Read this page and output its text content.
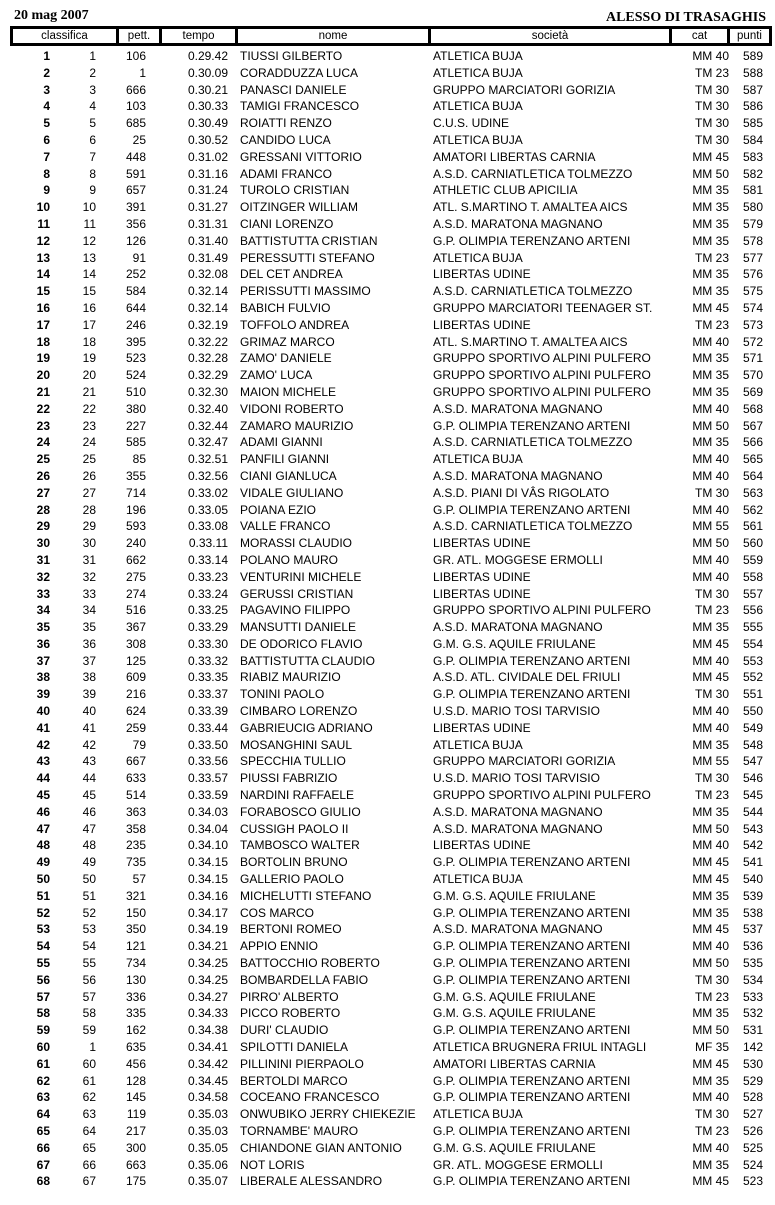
20 mag 2007	ALESSO DI TRASAGHIS
classifica	pett.	tempo	nome	società	cat	punti
1	1	106	0.29.42 TIUSSI GILBERTO	ATLETICA BUJA	MM 40	589
2	2	1	0.30.09 CORADDUZZA LUCA	ATLETICA BUJA	TM 23	588
3	3	666	0.30.21 PANASCI DANIELE	GRUPPO MARCIATORI GORIZIA	TM 30	587
4	4	103	0.30.33 TAMIGI FRANCESCO	ATLETICA BUJA	TM 30	586
5	5	685	0.30.49 ROIATTI RENZO	C.U.S. UDINE	TM 30	585
6	6	25	0.30.52 CANDIDO LUCA	ATLETICA BUJA	TM 30	584
7	7	448	0.31.02 GRESSANI VITTORIO	AMATORI LIBERTAS CARNIA	MM 45	583
8	8	591	0.31.16 ADAMI FRANCO	A.S.D. CARNIATLETICA TOLMEZZO	MM 50	582
9	9	657	0.31.24 TUROLO CRISTIAN	ATHLETIC CLUB APICILIA	MM 35	581
10	10	391	0.31.27 OITZINGER WILLIAM	ATL. S.MARTINO T. AMALTEA AICS	MM 35	580
11	11	356	0.31.31 CIANI LORENZO	A.S.D. MARATONA MAGNANO	MM 35	579
12	12	126	0.31.40 BATTISTUTTA CRISTIAN	G.P. OLIMPIA TERENZANO ARTENI	MM 35	578
13	13	91	0.31.49 PERESSUTTI STEFANO	ATLETICA BUJA	TM 23	577
14	14	252	0.32.08 DEL CET ANDREA	LIBERTAS UDINE	MM 35	576
15	15	584	0.32.14 PERISSUTTI MASSIMO	A.S.D. CARNIATLETICA TOLMEZZO	MM 35	575
16	16	644	0.32.14 BABICH FULVIO	GRUPPO MARCIATORI TEENAGER ST.	MM 45	574
17	17	246	0.32.19 TOFFOLO ANDREA	LIBERTAS UDINE	TM 23	573
18	18	395	0.32.22 GRIMAZ MARCO	ATL. S.MARTINO T. AMALTEA AICS	MM 40	572
19	19	523	0.32.28 ZAMO' DANIELE	GRUPPO SPORTIVO ALPINI PULFERO	MM 35	571
20	20	524	0.32.29 ZAMO' LUCA	GRUPPO SPORTIVO ALPINI PULFERO	MM 35	570
21	21	510	0.32.30 MAION MICHELE	GRUPPO SPORTIVO ALPINI PULFERO	MM 35	569
22	22	380	0.32.40 VIDONI ROBERTO	A.S.D. MARATONA MAGNANO	MM 40	568
23	23	227	0.32.44 ZAMARO MAURIZIO	G.P. OLIMPIA TERENZANO ARTENI	MM 50	567
24	24	585	0.32.47 ADAMI GIANNI	A.S.D. CARNIATLETICA TOLMEZZO	MM 35	566
25	25	85	0.32.51 PANFILI GIANNI	ATLETICA BUJA	MM 40	565
26	26	355	0.32.56 CIANI GIANLUCA	A.S.D. MARATONA MAGNANO	MM 40	564
27	27	714	0.33.02 VIDALE GIULIANO	A.S.D. PIANI DI VÂS RIGOLATO	TM 30	563
28	28	196	0.33.05 POIANA EZIO	G.P. OLIMPIA TERENZANO ARTENI	MM 40	562
29	29	593	0.33.08 VALLE FRANCO	A.S.D. CARNIATLETICA TOLMEZZO	MM 55	561
30	30	240	0.33.11 MORASSI CLAUDIO	LIBERTAS UDINE	MM 50	560
31	31	662	0.33.14 POLANO MAURO	GR. ATL. MOGGESE ERMOLLI	MM 40	559
32	32	275	0.33.23 VENTURINI MICHELE	LIBERTAS UDINE	MM 40	558
33	33	274	0.33.24 GERUSSI CRISTIAN	LIBERTAS UDINE	TM 30	557
34	34	516	0.33.25 PAGAVINO FILIPPO	GRUPPO SPORTIVO ALPINI PULFERO	TM 23	556
35	35	367	0.33.29 MANSUTTI DANIELE	A.S.D. MARATONA MAGNANO	MM 35	555
36	36	308	0.33.30 DE ODORICO FLAVIO	G.M. G.S. AQUILE FRIULANE	MM 45	554
37	37	125	0.33.32 BATTISTUTTA CLAUDIO	G.P. OLIMPIA TERENZANO ARTENI	MM 40	553
38	38	609	0.33.35 RIABIZ MAURIZIO	A.S.D. ATL. CIVIDALE DEL FRIULI	MM 45	552
39	39	216	0.33.37 TONINI PAOLO	G.P. OLIMPIA TERENZANO ARTENI	TM 30	551
40	40	624	0.33.39 CIMBARO LORENZO	U.S.D. MARIO TOSI TARVISIO	MM 40	550
41	41	259	0.33.44 GABRIEUCIG ADRIANO	LIBERTAS UDINE	MM 40	549
42	42	79	0.33.50 MOSANGHINI SAUL	ATLETICA BUJA	MM 35	548
43	43	667	0.33.56 SPECCHIA TULLIO	GRUPPO MARCIATORI GORIZIA	MM 55	547
44	44	633	0.33.57 PIUSSI FABRIZIO	U.S.D. MARIO TOSI TARVISIO	TM 30	546
45	45	514	0.33.59 NARDINI RAFFAELE	GRUPPO SPORTIVO ALPINI PULFERO	TM 23	545
46	46	363	0.34.03 FORABOSCO GIULIO	A.S.D. MARATONA MAGNANO	MM 35	544
47	47	358	0.34.04 CUSSIGH PAOLO II	A.S.D. MARATONA MAGNANO	MM 50	543
48	48	235	0.34.10 TAMBOSCO WALTER	LIBERTAS UDINE	MM 40	542
49	49	735	0.34.15 BORTOLIN BRUNO	G.P. OLIMPIA TERENZANO ARTENI	MM 45	541
50	50	57	0.34.15 GALLERIO PAOLO	ATLETICA BUJA	MM 45	540
51	51	321	0.34.16 MICHELUTTI STEFANO	G.M. G.S. AQUILE FRIULANE	MM 35	539
52	52	150	0.34.17 COS MARCO	G.P. OLIMPIA TERENZANO ARTENI	MM 35	538
53	53	350	0.34.19 BERTONI ROMEO	A.S.D. MARATONA MAGNANO	MM 45	537
54	54	121	0.34.21 APPIO ENNIO	G.P. OLIMPIA TERENZANO ARTENI	MM 40	536
55	55	734	0.34.25 BATTOCCHIO ROBERTO	G.P. OLIMPIA TERENZANO ARTENI	MM 50	535
56	56	130	0.34.25 BOMBARDELLA FABIO	G.P. OLIMPIA TERENZANO ARTENI	TM 30	534
57	57	336	0.34.27 PIRRO' ALBERTO	G.M. G.S. AQUILE FRIULANE	TM 23	533
58	58	335	0.34.33 PICCO ROBERTO	G.M. G.S. AQUILE FRIULANE	MM 35	532
59	59	162	0.34.38 DURI' CLAUDIO	G.P. OLIMPIA TERENZANO ARTENI	MM 50	531
60	1	635	0.34.41 SPILOTTI DANIELA	ATLETICA BRUGNERA FRIUL INTAGLI	MF 35	142
61	60	456	0.34.42 PILLININI PIERPAOLO	AMATORI LIBERTAS CARNIA	MM 45	530
62	61	128	0.34.45 BERTOLDI MARCO	G.P. OLIMPIA TERENZANO ARTENI	MM 35	529
63	62	145	0.34.58 COCEANO FRANCESCO	G.P. OLIMPIA TERENZANO ARTENI	MM 40	528
64	63	119	0.35.03 ONWUBIKO JERRY CHIEKEZIE	ATLETICA BUJA	TM 30	527
65	64	217	0.35.03 TORNAMBE' MAURO	G.P. OLIMPIA TERENZANO ARTENI	TM 23	526
66	65	300	0.35.05 CHIANDONE GIAN ANTONIO	G.M. G.S. AQUILE FRIULANE	MM 40	525
67	66	663	0.35.06 NOT LORIS	GR. ATL. MOGGESE ERMOLLI	MM 35	524
68	67	175	0.35.07 LIBERALE ALESSANDRO	G.P. OLIMPIA TERENZANO ARTENI	MM 45	523
